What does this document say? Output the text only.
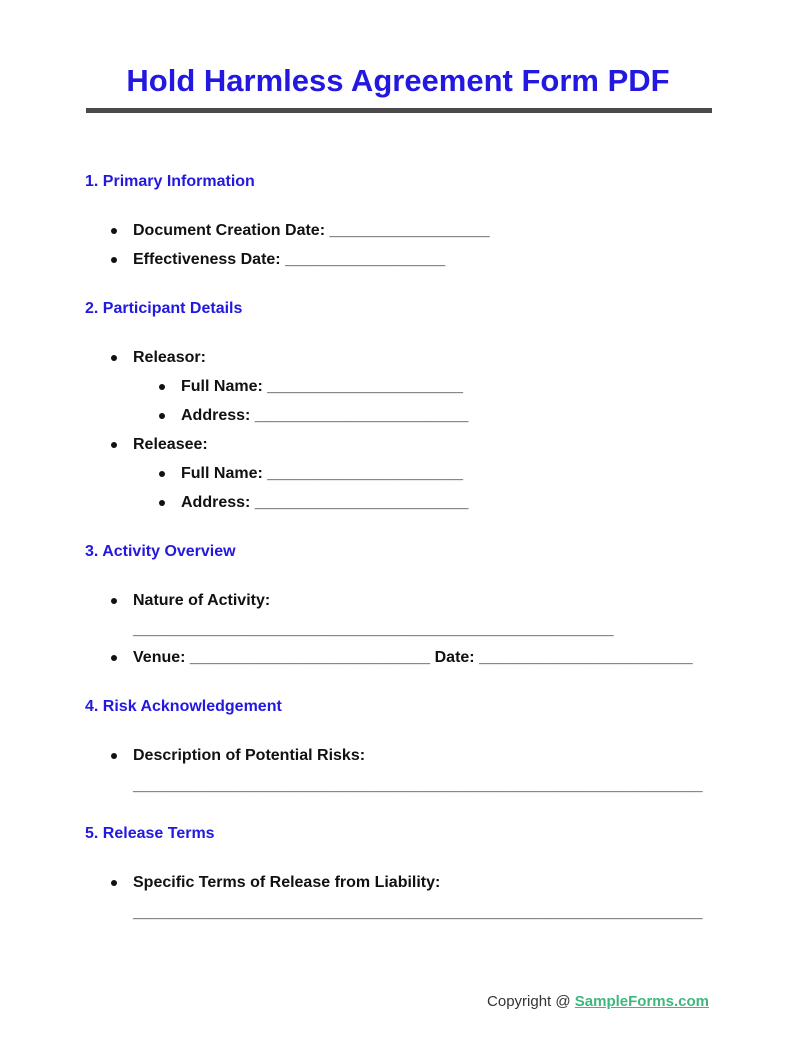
Hold Harmless Agreement Form PDF
1. Primary Information
Document Creation Date: __________________
Effectiveness Date: __________________
2. Participant Details
Releasor:
Full Name: ______________________
Address: ________________________
Releasee:
Full Name: ______________________
Address: ________________________
3. Activity Overview
Nature of Activity:
______________________________________________________
Venue: ___________________________ Date: ________________________
4. Risk Acknowledgement
Description of Potential Risks:
________________________________________________________________
5. Release Terms
Specific Terms of Release from Liability:
________________________________________________________________
Copyright @ SampleForms.com
